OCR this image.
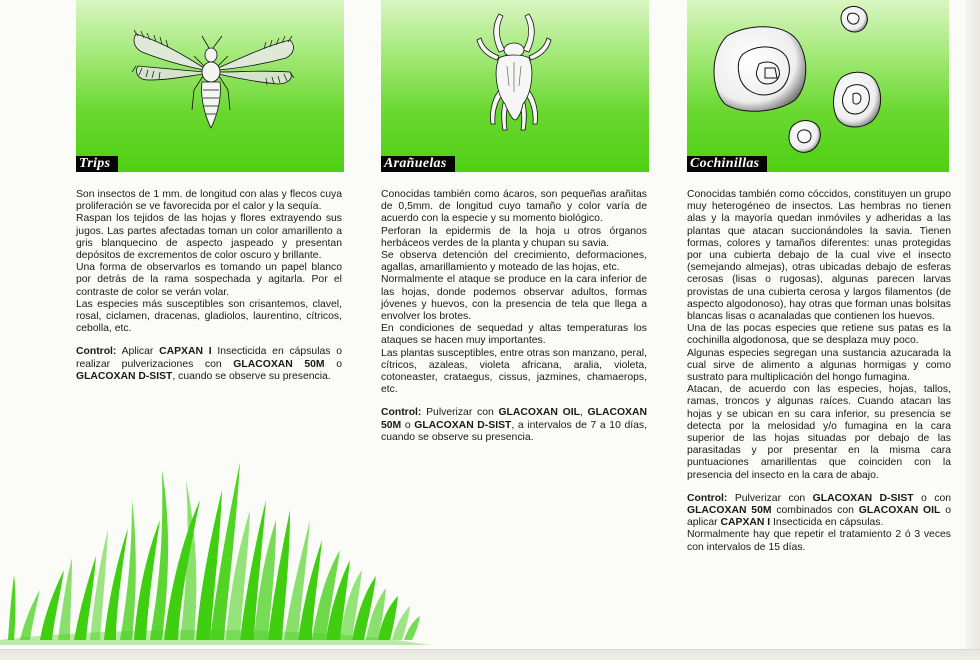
Trips	Arañuelas	Cochinillas

Son insectos de 1 mm. de longitud con alas y flecos cuya proliferación se ve favorecida por el calor y la sequía.

Raspan los tejidos de las hojas y flores extrayendo sus jugos. Las partes afectadas toman un color amarillento a gris blanquecino de aspecto jaspeado y presentan depósitos de excrementos de color oscuro y brillante.

Una forma de observarlos es tomando un papel blanco por detrás de la rama sospechada y agitarla. Por el contraste de color se verán volar.

Las especies más susceptibles son crisantemos, clavel, rosal, ciclamen, dracenas, gladiolos, laurentino, cítricos, cebolla, etc.

Control: Aplicar CAPXAN I Insecticida en cápsulas o realizar pulverizaciones con GLACOXAN 50M o GLACOXAN D-SIST, cuando se observe su presencia.

Conocidas también como ácaros, son pequeñas arañitas de 0,5mm. de longitud cuyo tamaño y color varía de acuerdo con la especie y su momento biológico.

Perforan la epidermis de la hoja u otros órganos herbáceos verdes de la planta y chupan su savia.

Se observa detención del crecimiento, deformaciones, agallas, amarillamiento y moteado de las hojas, etc.

Normalmente el ataque se produce en la cara inferior de las hojas, donde podemos observar adultos, formas jóvenes y huevos, con la presencia de tela que llega a envolver los brotes.

En condiciones de sequedad y altas temperaturas los ataques se hacen muy importantes.

Las plantas susceptibles, entre otras son manzano, peral, cítricos, azaleas, violeta africana, aralia, violeta, cotoneaster, crataegus, cissus, jazmines, chamaerops, etc.

Control: Pulverizar con GLACOXAN OIL, GLACOXAN 50M o GLACOXAN D-SIST, a intervalos de 7 a 10 días, cuando se observe su presencia.

Conocidas también como cóccidos, constituyen un grupo muy heterogéneo de insectos. Las hembras no tienen alas y la mayoría quedan inmóviles y adheridas a las plantas que atacan succionándoles la savia. Tienen formas, colores y tamaños diferentes: unas protegidas por una cubierta debajo de la cual vive el insecto (semejando almejas), otras ubicadas debajo de esferas cerosas (lisas o rugosas), algunas parecen larvas provistas de una cubierta cerosa y largos filamentos (de aspecto algodonoso), hay otras que forman unas bolsitas blancas lisas o acanaladas que contienen los huevos.

Una de las pocas especies que retiene sus patas es la cochinilla algodonosa, que se desplaza muy poco.

Algunas especies segregan una sustancia azucarada la cual sirve de alimento a algunas hormigas y como sustrato para multiplicación del hongo fumagina.

Atacan, de acuerdo con las especies, hojas, tallos, ramas, troncos y algunas raíces. Cuando atacan las hojas y se ubican en su cara inferior, su presencia se detecta por la melosidad y/o fumagina en la cara superior de las hojas situadas por debajo de las parasitadas y por presentar en la misma cara puntuaciones amarillentas que coinciden con la presencia del insecto en la cara de abajo.

Control: Pulverizar con GLACOXAN D-SIST o con GLACOXAN 50M combinados con GLACOXAN OIL o aplicar CAPXAN I Insecticida en cápsulas.

Normalmente hay que repetir el tratamiento 2 ó 3 veces con intervalos de 15 días.
